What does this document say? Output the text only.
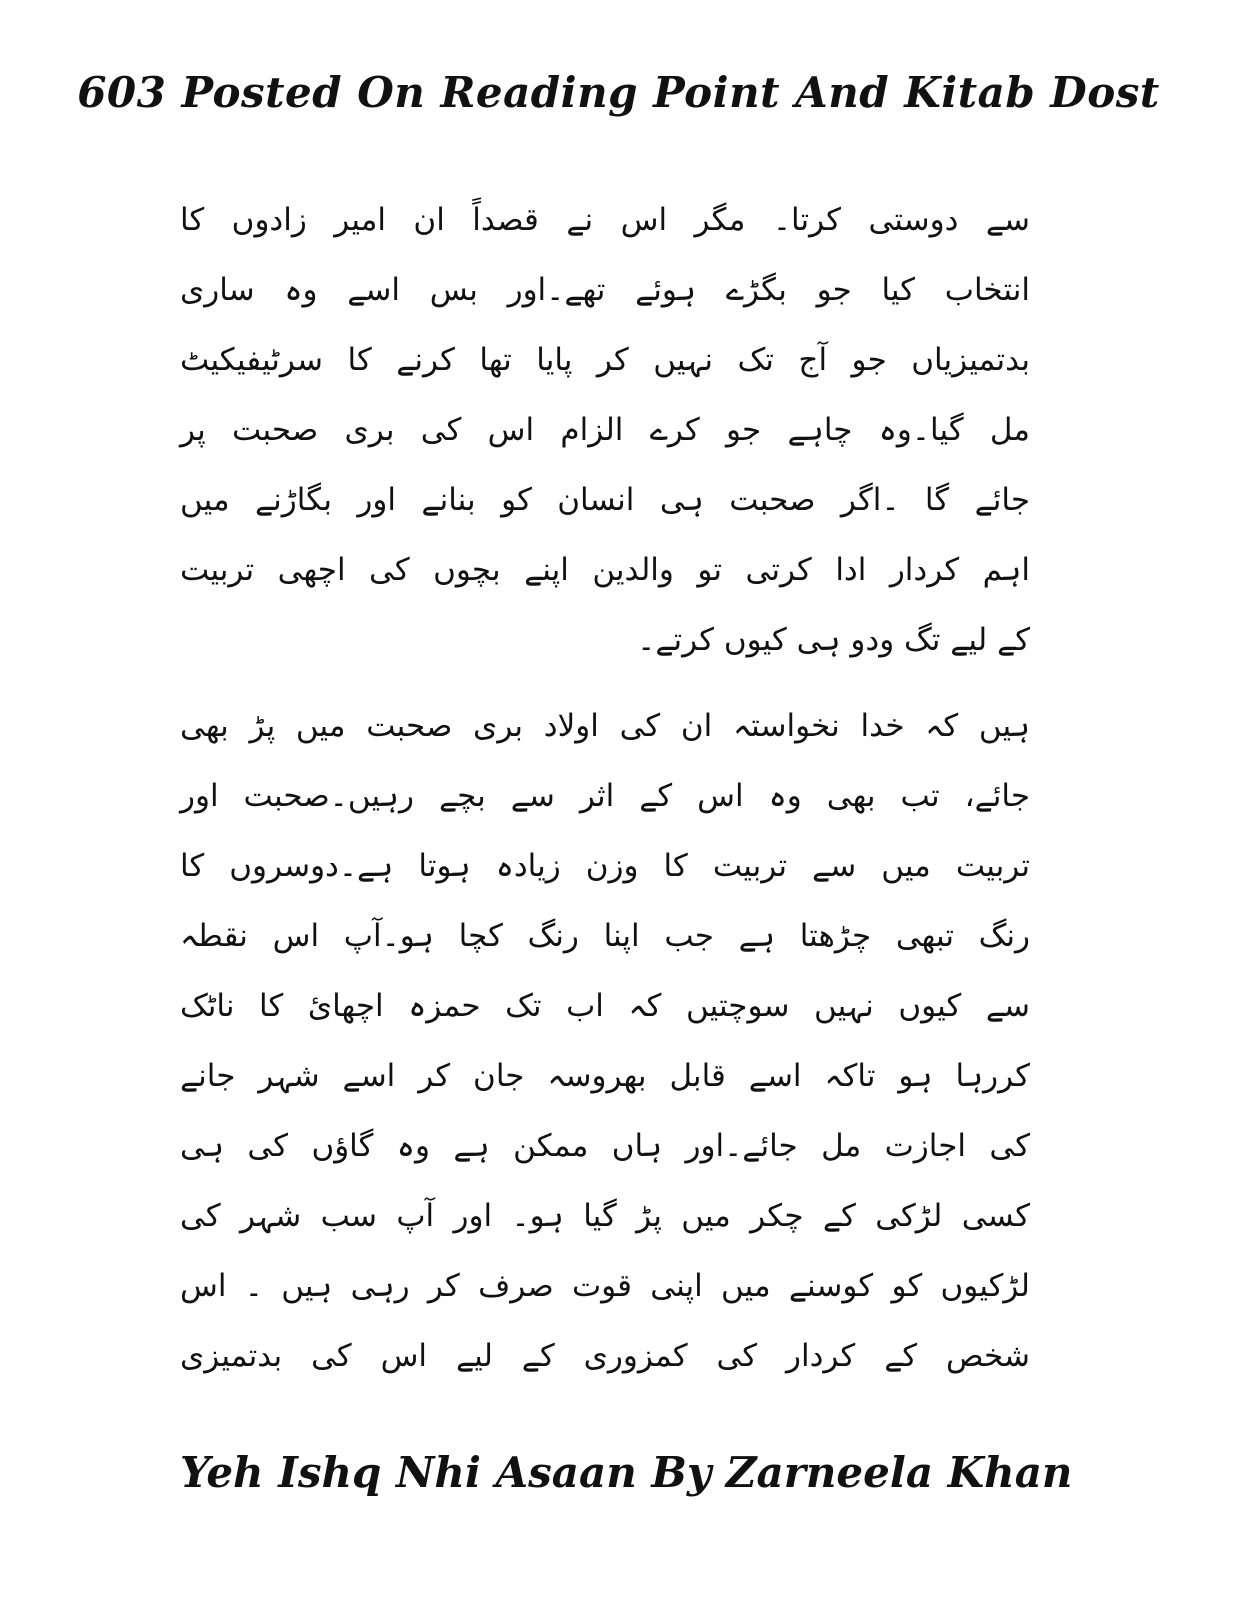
603 Posted On Reading Point And Kitab Dost
سے دوستی کرتا۔ مگر اس نے قصداً ان امیر زادوں کا
انتخاب کیا جو بگڑے ہوئے تھے۔اور بس اسے وہ ساری
بدتمیزیاں جو آج تک نہیں کر پایا تھا کرنے کا سرٹیفیکیٹ
مل گیا۔وہ چاہے جو کرے الزام اس کی بری صحبت پر
جائے گا ۔اگر صحبت ہی انسان کو بنانے اور بگاڑنے میں
اہم کردار ادا کرتی تو والدین اپنے بچوں کی اچھی تربیت
کے لیے تگ ودو ہی کیوں کرتے۔
ہیں کہ خدا نخواستہ ان کی اولاد بری صحبت میں پڑ بھی
جائے، تب بھی وہ اس کے اثر سے بچے رہیں۔صحبت اور
تربیت میں سے تربیت کا وزن زیادہ ہوتا ہے۔دوسروں کا
رنگ تبھی چڑھتا ہے جب اپنا رنگ کچا ہو۔آپ اس نقطہ
سے کیوں نہیں سوچتیں کہ اب تک حمزہ اچھائ کا ناٹک
کررہا ہو تاکہ اسے قابل بھروسہ جان کر اسے شہر جانے
کی اجازت مل جائے۔اور ہاں ممکن ہے وہ گاؤں کی ہی
کسی لڑکی کے چکر میں پڑ گیا ہو۔ اور آپ سب شہر کی
لڑکیوں کو کوسنے میں اپنی قوت صرف کر رہی ہیں ۔ اس
شخص کے کردار کی کمزوری کے لیے اس کی بدتمیزی
Yeh Ishq Nhi Asaan By Zarneela Khan
